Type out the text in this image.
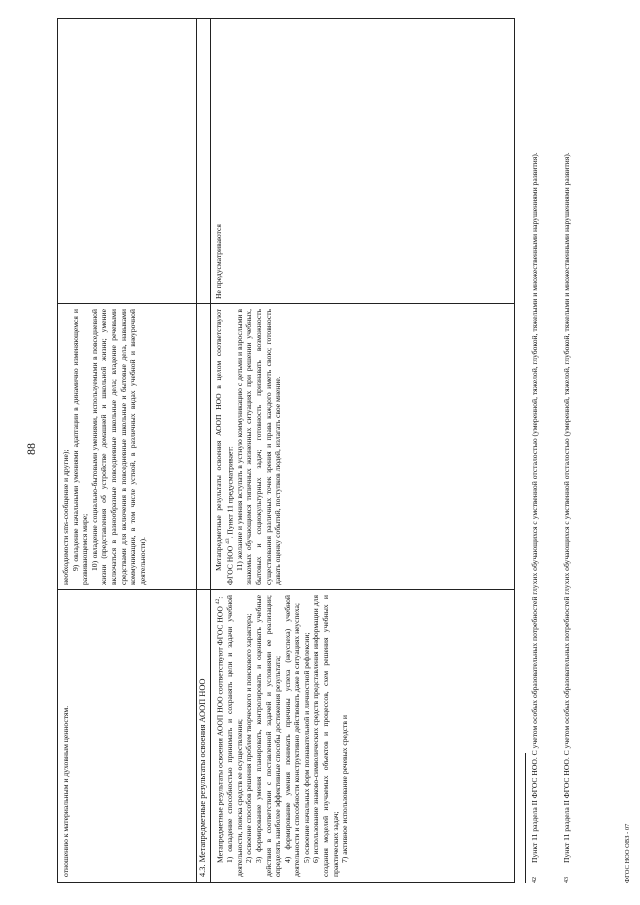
88

отношению к материальным и духовным ценностям.

необходимости sms-сообщение и другие); 9) овладение начальными умениями адаптации в динамично изменяющемся и развивающемся мире; 10) овладение социально-бытовыми умениями, используемыми в повседневной жизни (представления об устройстве домашней и школьной жизни; умение включаться в разнообразные повседневные школьные дела; владение речевыми средствами для включения в повседневные школьные и бытовые дела, навыками коммуникации, в том числе устной, в различных видах учебной и внеурочной деятельности).

4.3. Метапредметные результаты освоения АООП НОО Метапредметные результаты освоения АООП НОО соответствуют ФГОС НОО $^{42}$: 1) овладение способностью принимать и сохранять цели и задачи учебной деятельности, поиска средств ее осуществления; 2) освоение способов решения проблем творческого и поискового характера; 3) формирование умения планировать, контролировать и оценивать учебные действия в соответствии с поставленной задачей и условиями ее реализации; определять наиболее эффективные способы достижения результата; 4) формирование умения понимать причины успеха (неуспеха) учебной деятельности и способности конструктивно действовать даже в ситуациях неуспеха; 5) освоение начальных форм познавательной и личностной рефлексии; 6) использование знаково-символических средств представления информации для создания моделей изучаемых объектов и процессов, схем решения учебных и практических задач; 7) активное использование речевых средств и

Метапредметные результаты освоения АООП НОО в целом соответствуют ФГОС НОО $^{43}$. Пункт 11 предусматривает: 11) желание и умения вступать в устную коммуникацию с детьми и взрослыми в знакомых обучающимся типичных жизненных ситуациях при решении учебных, бытовых и социокультурных задач; готовность признавать возможность существования различных точек зрения и права каждого иметь свою; готовность давать оценку событий, поступков людей, излагать свое мнение.

Не предусматриваются

$^{42}$Пункт 11 раздела II ФГОС НОО. С учетом особых образовательных потребностей глухих обучающихся с умственной отсталостью (умеренной, тяжелой, глубокой, тяжелыми и множественными нарушениями развития).
$^{43}$Пункт 11 раздела II ФГОС НОО. С учетом особых образовательных потребностей глухих обучающихся с умственной отсталостью (умеренной, тяжелой, глубокой, тяжелыми и множественными нарушениями развития).	ФГОС НОО ОВЗ - 07
